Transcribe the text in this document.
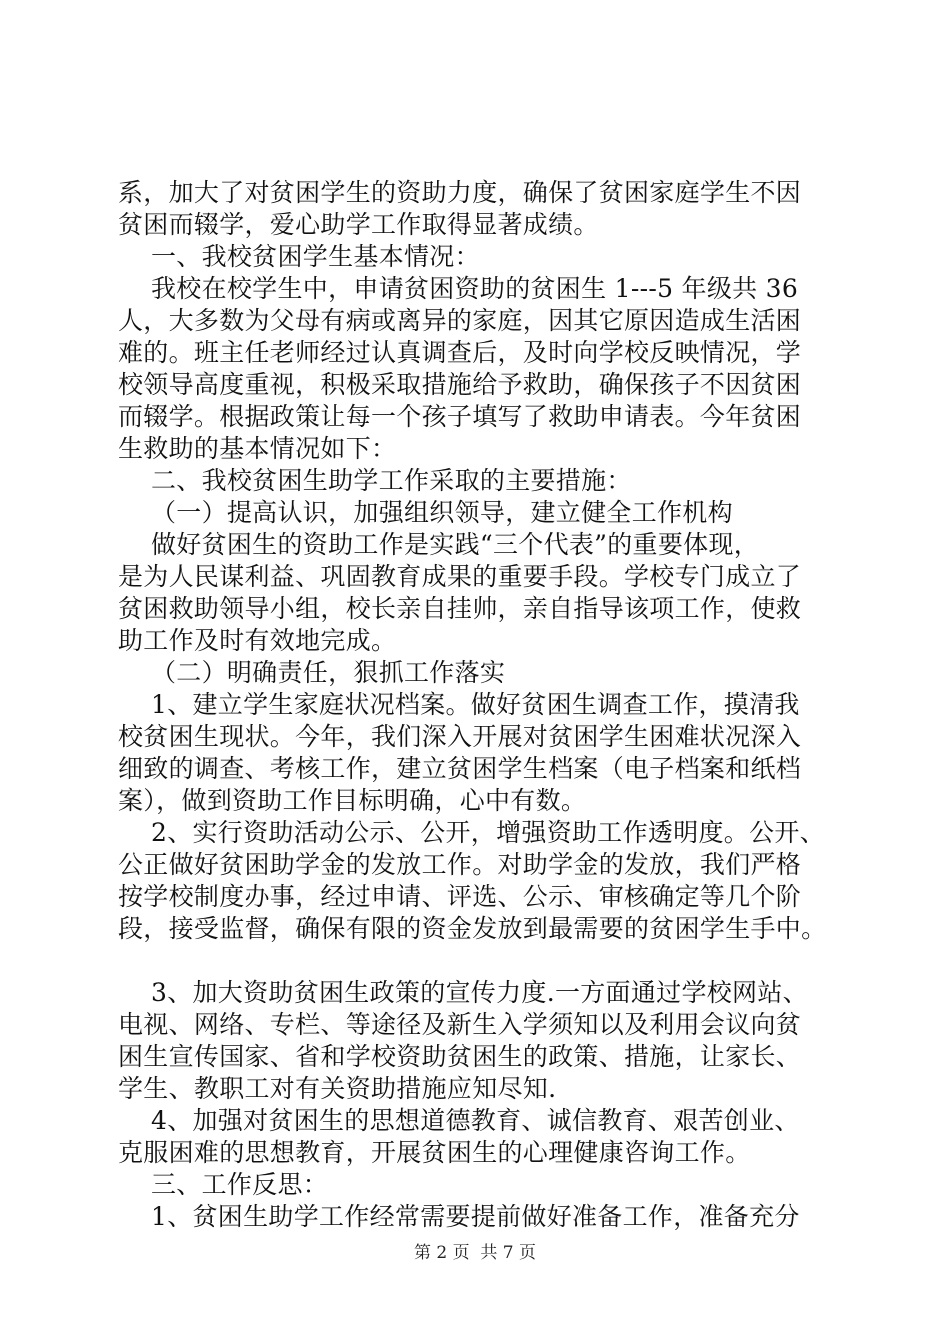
系，加大了对贫困学生的资助力度，确保了贫困家庭学生不因
贫困而辍学，爱心助学工作取得显著成绩。
一、我校贫困学生基本情况：
我校在校学生中，申请贫困资助的贫困生 1---5 年级共 36
人，大多数为父母有病或离异的家庭，因其它原因造成生活困
难的。班主任老师经过认真调查后，及时向学校反映情况，学
校领导高度重视，积极采取措施给予救助，确保孩子不因贫困
而辍学。根据政策让每一个孩子填写了救助申请表。今年贫困
生救助的基本情况如下：
二、我校贫困生助学工作采取的主要措施：
（一）提高认识，加强组织领导，建立健全工作机构
做好贫困生的资助工作是实践“三个代表”的重要体现，
是为人民谋利益、巩固教育成果的重要手段。学校专门成立了
贫困救助领导小组，校长亲自挂帅，亲自指导该项工作，使救
助工作及时有效地完成。
（二）明确责任，狠抓工作落实
1、建立学生家庭状况档案。做好贫困生调查工作，摸清我
校贫困生现状。今年，我们深入开展对贫困学生困难状况深入
细致的调查、考核工作，建立贫困学生档案（电子档案和纸档
案），做到资助工作目标明确，心中有数。
2、实行资助活动公示、公开，增强资助工作透明度。公开、
公正做好贫困助学金的发放工作。对助学金的发放，我们严格
按学校制度办事，经过申请、评选、公示、审核确定等几个阶
段，接受监督，确保有限的资金发放到最需要的贫困学生手中。
3、加大资助贫困生政策的宣传力度.一方面通过学校网站、
电视、网络、专栏、等途径及新生入学须知以及利用会议向贫
困生宣传国家、省和学校资助贫困生的政策、措施，让家长、
学生、教职工对有关资助措施应知尽知.
4、加强对贫困生的思想道德教育、诚信教育、艰苦创业、
克服困难的思想教育，开展贫困生的心理健康咨询工作。
三、工作反思：
1、贫困生助学工作经常需要提前做好准备工作，准备充分
第 2 页  共 7 页
